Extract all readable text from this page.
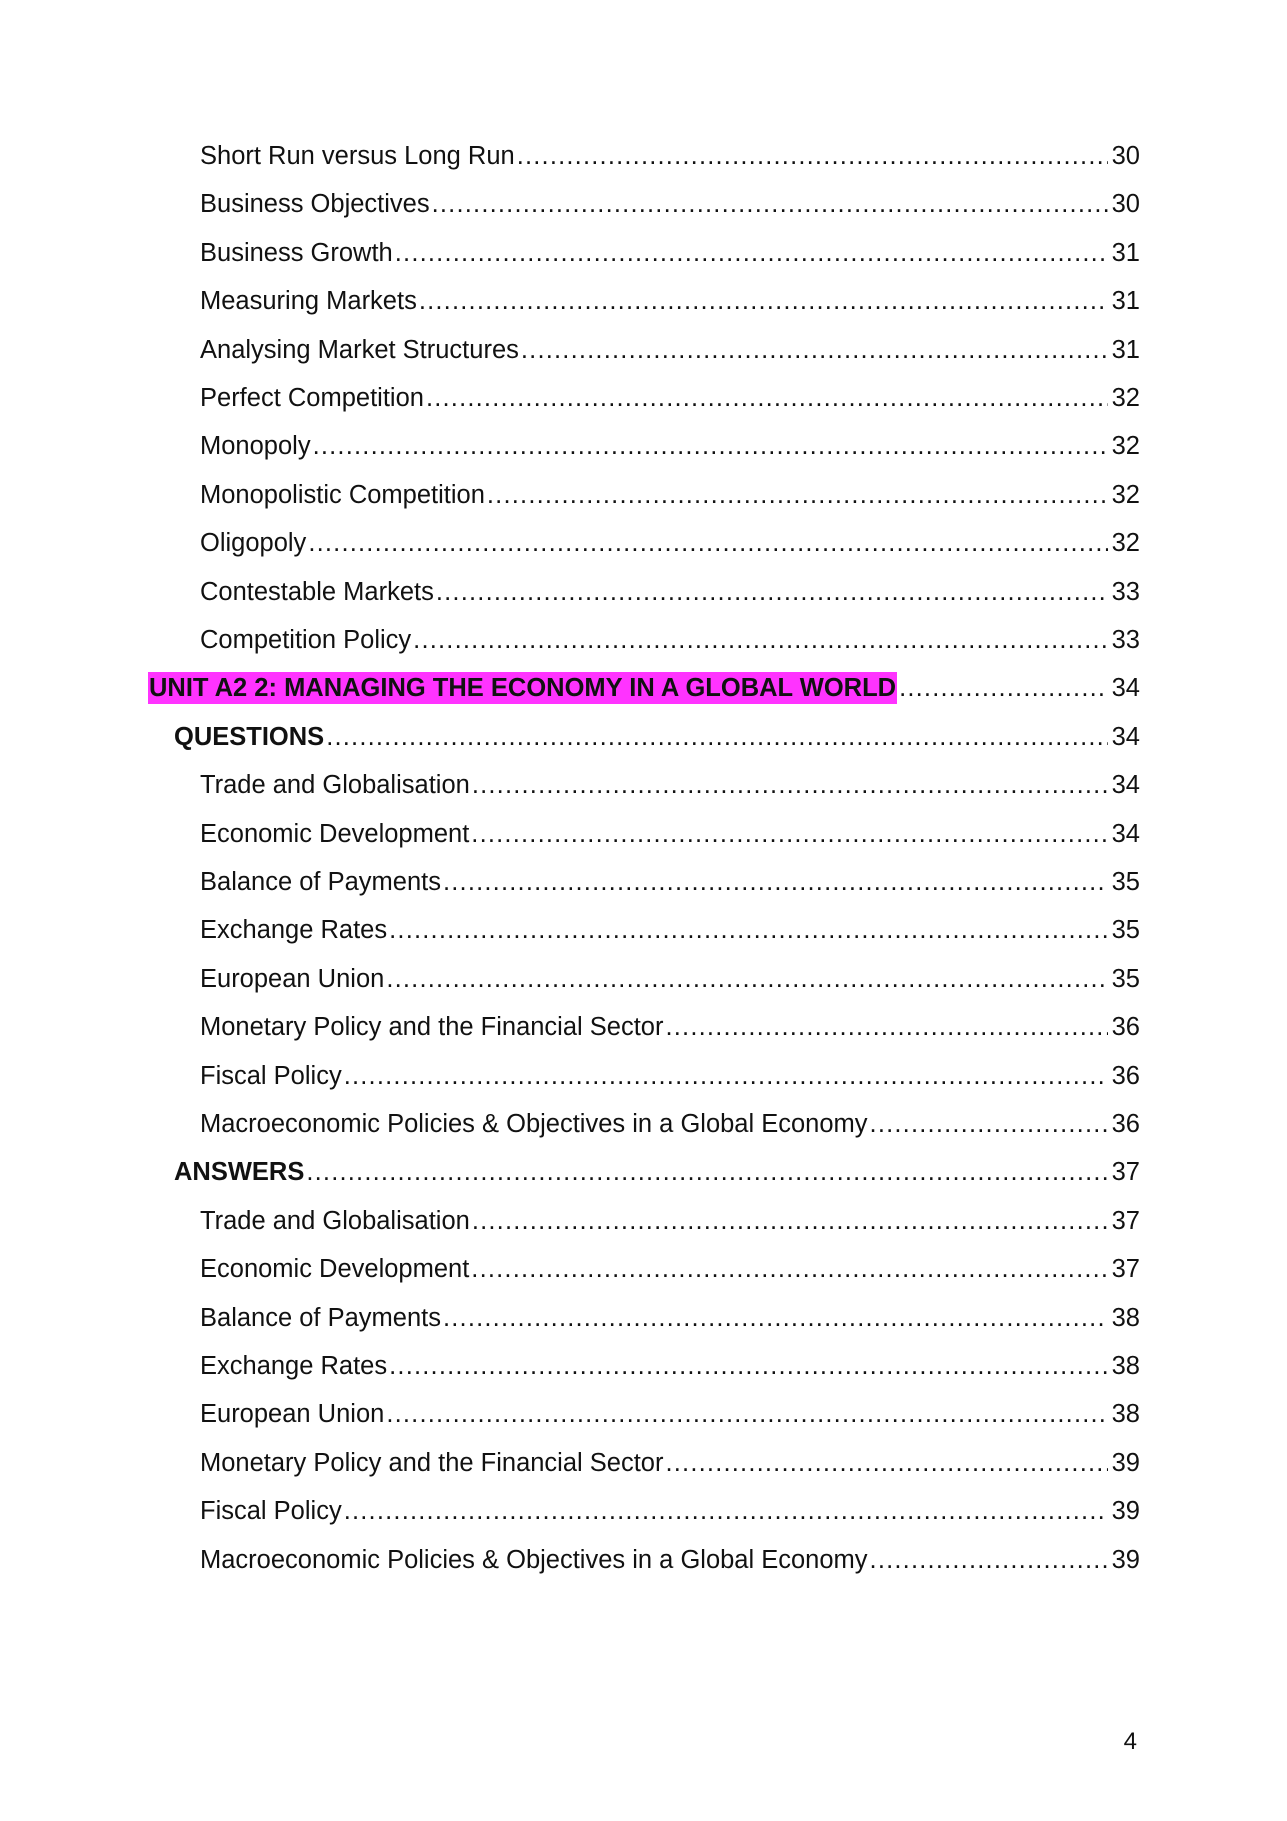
Short Run versus Long Run .....	30
Business Objectives .....	30
Business Growth .....	31
Measuring Markets .....	31
Analysing Market Structures .....	31
Perfect Competition .....	32
Monopoly .....	32
Monopolistic Competition .....	32
Oligopoly .....	32
Contestable Markets .....	33
Competition Policy .....	33
UNIT A2 2: MANAGING THE ECONOMY IN A GLOBAL WORLD .....	34
QUESTIONS .....	34
Trade and Globalisation .....	34
Economic Development .....	34
Balance of Payments .....	35
Exchange Rates .....	35
European Union .....	35
Monetary Policy and the Financial Sector .....	36
Fiscal Policy .....	36
Macroeconomic Policies & Objectives in a Global Economy .....	36
ANSWERS .....	37
Trade and Globalisation .....	37
Economic Development .....	37
Balance of Payments .....	38
Exchange Rates .....	38
European Union .....	38
Monetary Policy and the Financial Sector .....	39
Fiscal Policy .....	39
Macroeconomic Policies & Objectives in a Global Economy .....	39
4
